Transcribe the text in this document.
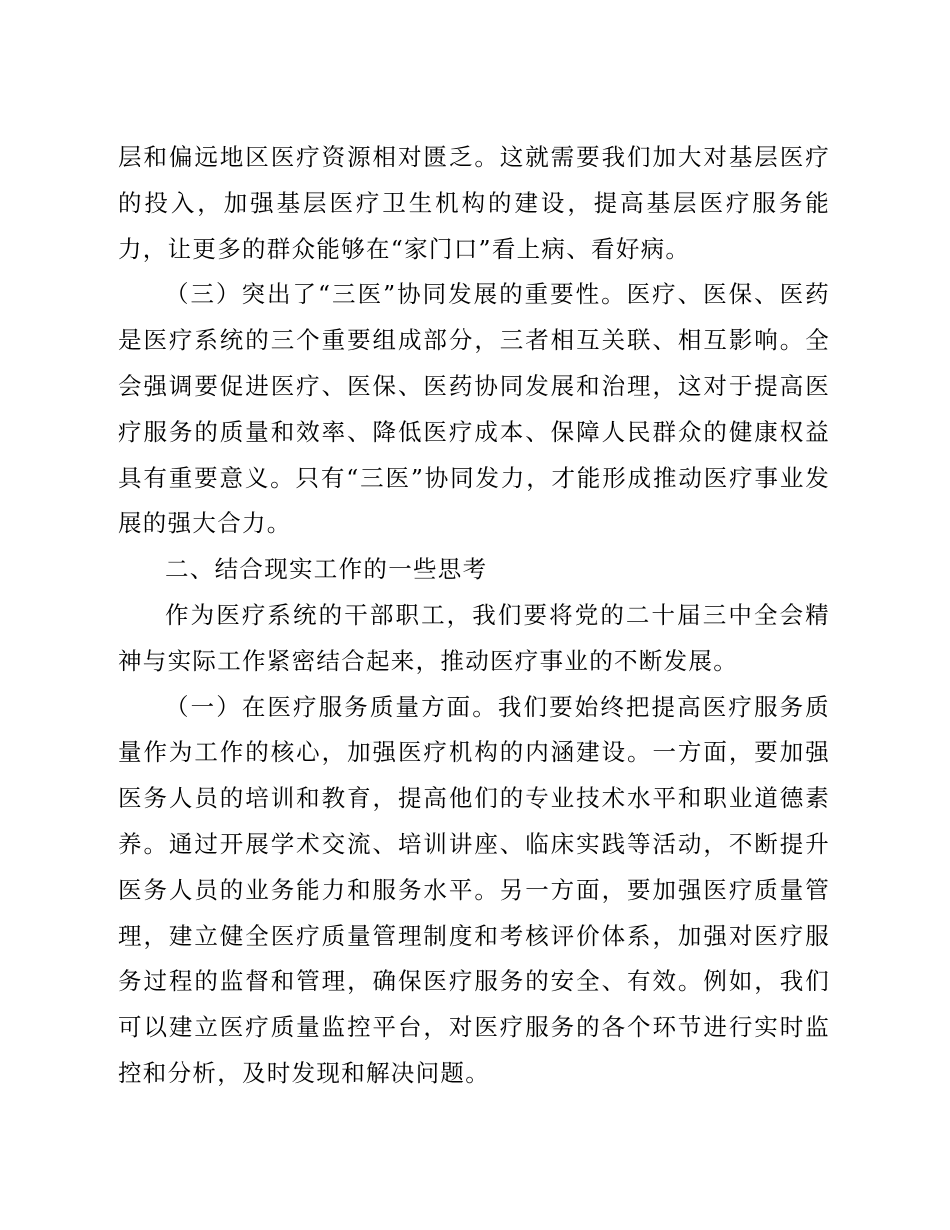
层和偏远地区医疗资源相对匮乏。这就需要我们加大对基层医疗的投入，加强基层医疗卫生机构的建设，提高基层医疗服务能力，让更多的群众能够在“家门口”看上病、看好病。

（三）突出了“三医”协同发展的重要性。医疗、医保、医药是医疗系统的三个重要组成部分，三者相互关联、相互影响。全会强调要促进医疗、医保、医药协同发展和治理，这对于提高医疗服务的质量和效率、降低医疗成本、保障人民群众的健康权益具有重要意义。只有“三医”协同发力，才能形成推动医疗事业发展的强大合力。

二、结合现实工作的一些思考

作为医疗系统的干部职工，我们要将党的二十届三中全会精神与实际工作紧密结合起来，推动医疗事业的不断发展。

（一）在医疗服务质量方面。我们要始终把提高医疗服务质量作为工作的核心，加强医疗机构的内涵建设。一方面，要加强医务人员的培训和教育，提高他们的专业技术水平和职业道德素养。通过开展学术交流、培训讲座、临床实践等活动，不断提升医务人员的业务能力和服务水平。另一方面，要加强医疗质量管理，建立健全医疗质量管理制度和考核评价体系，加强对医疗服务过程的监督和管理，确保医疗服务的安全、有效。例如，我们可以建立医疗质量监控平台，对医疗服务的各个环节进行实时监控和分析，及时发现和解决问题。
